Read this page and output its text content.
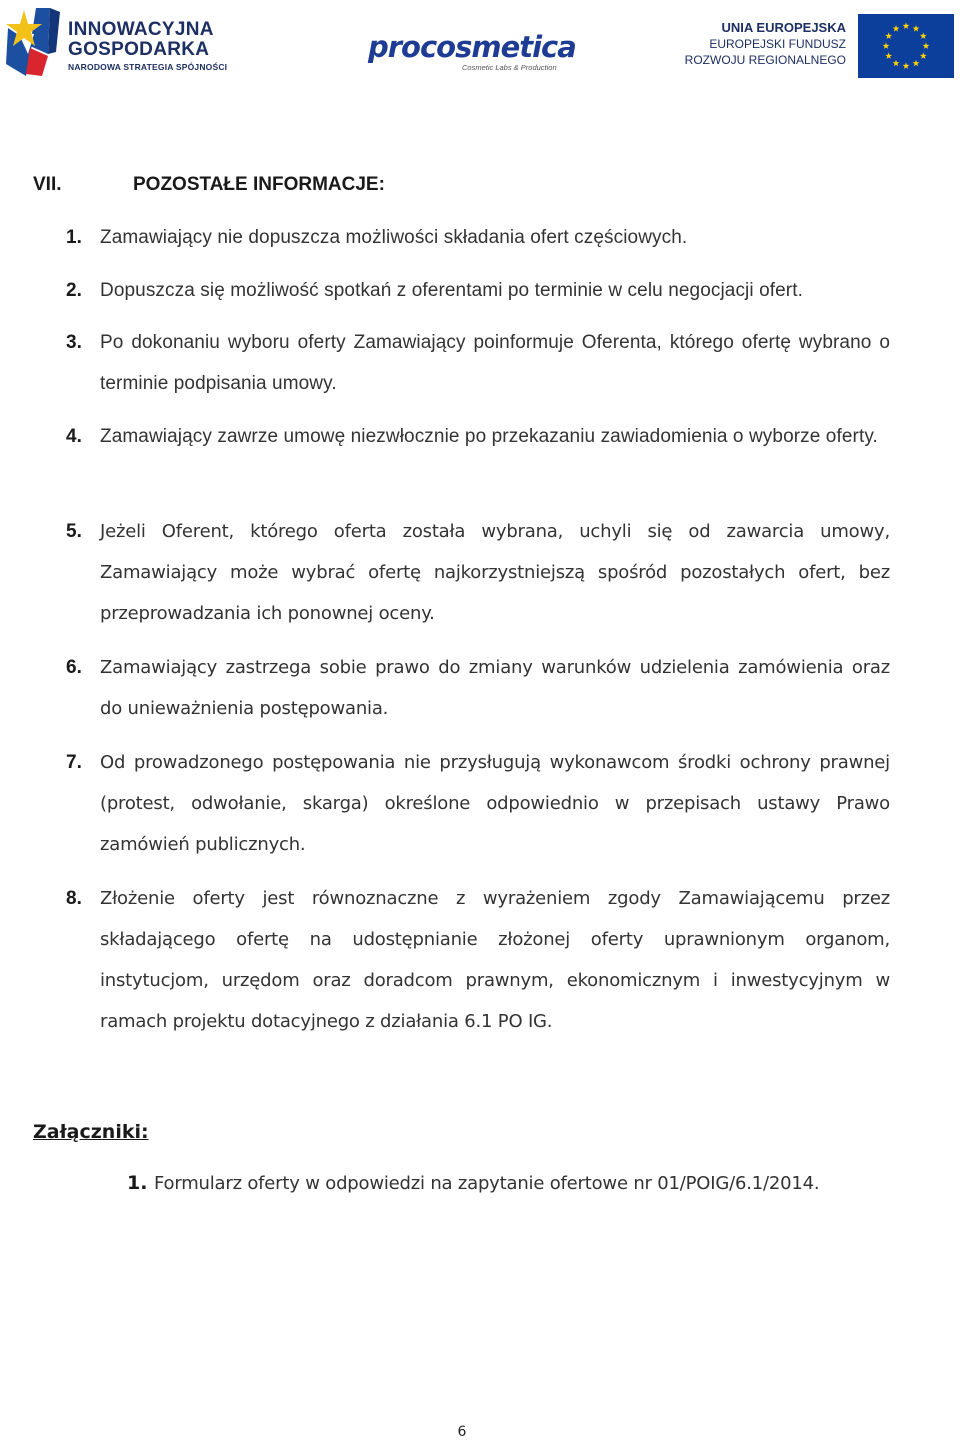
INNOWACYJNA
GOSPODARKA
NARODOWA STRATEGIA SPÓJNOŚCI
procosmetica
Cosmetic Labs & Production
UNIA EUROPEJSKA
EUROPEJSKI FUNDUSZ
ROZWOJU REGIONALNEGO
VII.	POZOSTAŁE INFORMACJE:
1. Zamawiający nie dopuszcza możliwości składania ofert częściowych.
2. Dopuszcza się możliwość spotkań z oferentami po terminie w celu negocjacji ofert.
3. Po dokonaniu wyboru oferty Zamawiający poinformuje Oferenta, którego ofertę wybrano o terminie podpisania umowy.
4. Zamawiający zawrze umowę niezwłocznie po przekazaniu zawiadomienia o wyborze oferty.
5. Jeżeli Oferent, którego oferta została wybrana, uchyli się od zawarcia umowy, Zamawiający może wybrać ofertę najkorzystniejszą spośród pozostałych ofert, bez przeprowadzania ich ponownej oceny.
6. Zamawiający zastrzega sobie prawo do zmiany warunków udzielenia zamówienia oraz do unieważnienia postępowania.
7. Od prowadzonego postępowania nie przysługują wykonawcom środki ochrony prawnej (protest, odwołanie, skarga) określone odpowiednio w przepisach ustawy Prawo zamówień publicznych.
8. Złożenie oferty jest równoznaczne z wyrażeniem zgody Zamawiającemu przez składającego ofertę na udostępnianie złożonej oferty uprawnionym organom, instytucjom, urzędom oraz doradcom prawnym, ekonomicznym i inwestycyjnym w ramach projektu dotacyjnego z działania 6.1 PO IG.
Załączniki:
1. Formularz oferty w odpowiedzi na zapytanie ofertowe nr 01/POIG/6.1/2014.
6
